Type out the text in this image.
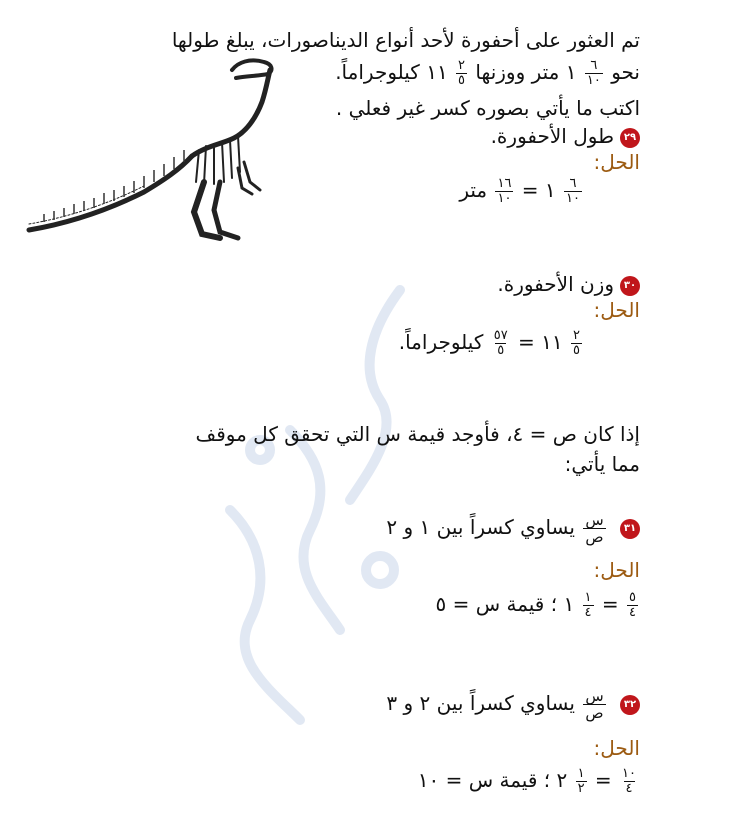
تم العثور على أحفورة لأحد أنواع الديناصورات، يبلغ طولها
نحو
$\frac{٦}{١٠}$
١ متر ووزنها
$\frac{٢}{٥}$
١١ كيلوجراماً.
اكتب ما يأتي بصوره كسر غير فعلي .
٢٩طول الأحفورة.
الحل:
$\frac{٦}{١٠}$
١ =
$\frac{١٦}{١٠}$
متر
٣٠وزن الأحفورة.
الحل:
$\frac{٢}{٥}$
١١ =
$\frac{٥٧}{٥}$
كيلوجراماً.
إذا كان ص = ٤، فأوجد قيمة س التي تحقق كل موقف
مما يأتي:
٣١
$\frac{\text{س}}{\text{ص}}$
يساوي كسراً بين ١ و ٢
الحل:
$\frac{٥}{٤}$
=
$\frac{١}{٤}$
١ ؛ قيمة س = ٥
٣٢
$\frac{\text{س}}{\text{ص}}$
يساوي كسراً بين ٢ و ٣
الحل:
$\frac{١٠}{٤}$
=
$\frac{١}{٢}$
٢ ؛ قيمة س = ١٠
